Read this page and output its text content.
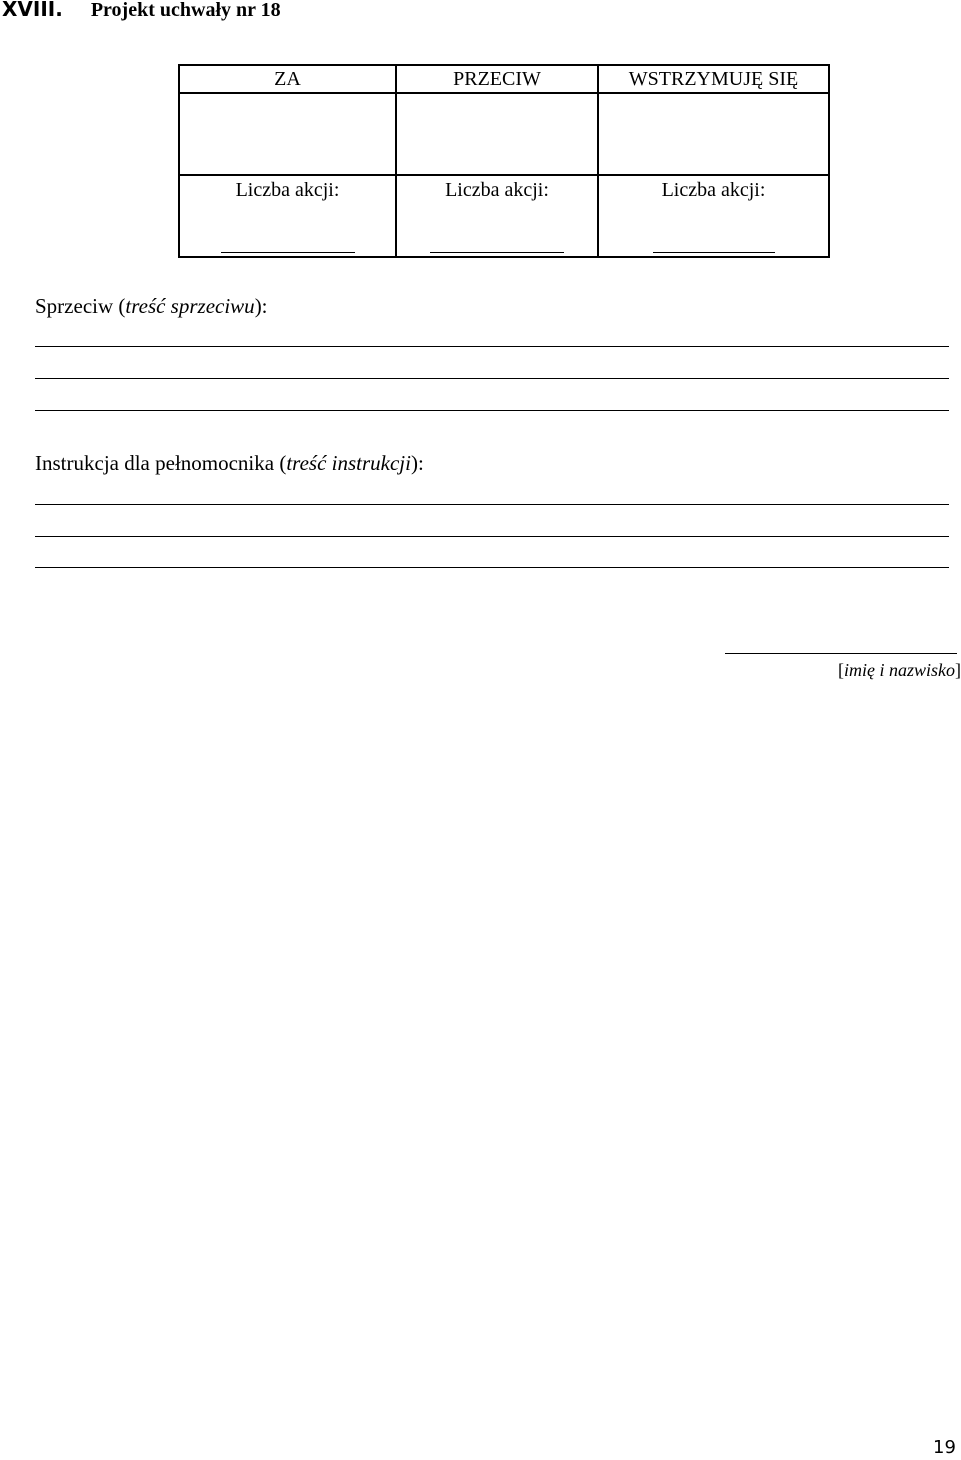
XVIII. Projekt uchwały nr 18
ZA	PRZECIW	WSTRZYMUJĘ SIĘ

Liczba akcji:	Liczba akcji:	Liczba akcji:
Sprzeciw (treść sprzeciwu):
Instrukcja dla pełnomocnika (treść instrukcji):
[imię i nazwisko]
19
